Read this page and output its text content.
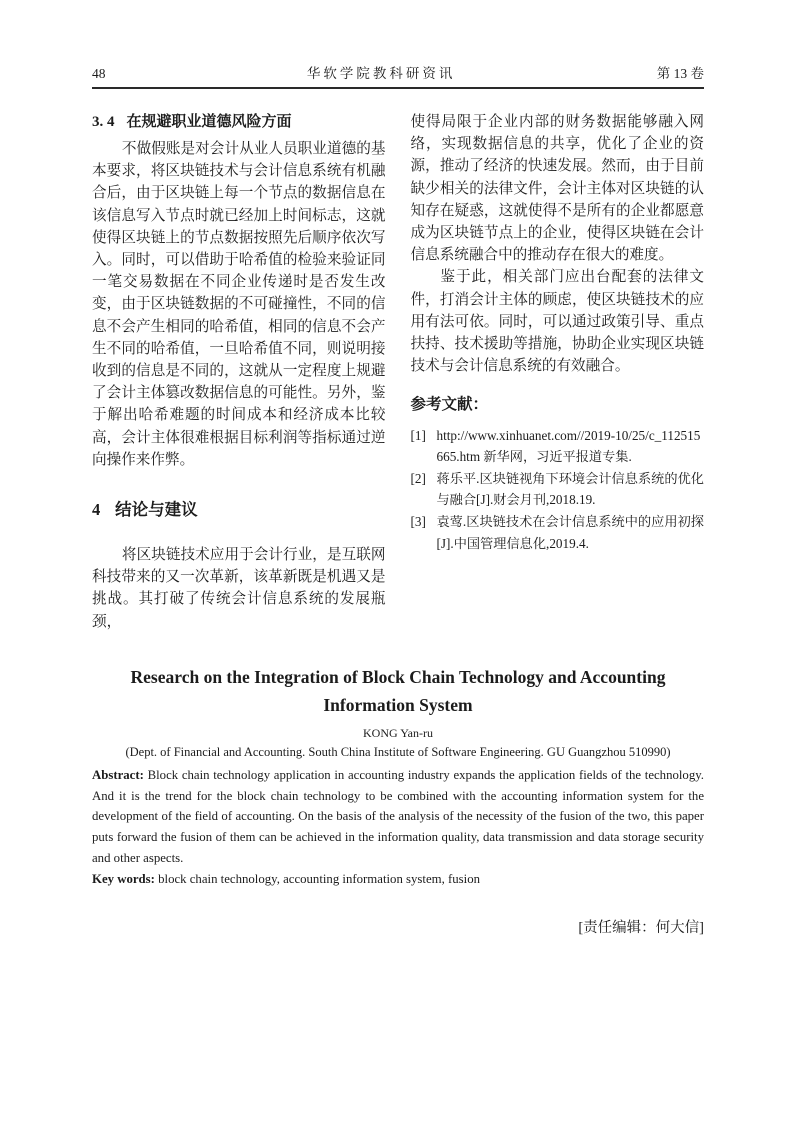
48	华软学院教科研资讯	第 13 卷
3. 4 在规避职业道德风险方面

不做假账是对会计从业人员职业道德的基本要求，将区块链技术与会计信息系统有机融合后，由于区块链上每一个节点的数据信息在该信息写入节点时就已经加上时间标志，这就使得区块链上的节点数据按照先后顺序依次写入。同时，可以借助于哈希值的检验来验证同一笔交易数据在不同企业传递时是否发生改变，由于区块链数据的不可碰撞性，不同的信息不会产生相同的哈希值，相同的信息不会产生不同的哈希值，一旦哈希值不同，则说明接收到的信息是不同的，这就从一定程度上规避了会计主体篡改数据信息的可能性。另外，鉴于解出哈希难题的时间成本和经济成本比较高，会计主体很难根据目标利润等指标通过逆向操作来作弊。

4 结论与建议

将区块链技术应用于会计行业，是互联网科技带来的又一次革新，该革新既是机遇又是挑战。其打破了传统会计信息系统的发展瓶颈，

使得局限于企业内部的财务数据能够融入网络，实现数据信息的共享，优化了企业的资源，推动了经济的快速发展。然而，由于目前缺少相关的法律文件，会计主体对区块链的认知存在疑惑，这就使得不是所有的企业都愿意成为区块链节点上的企业，使得区块链在会计信息系统融合中的推动存在很大的难度。

鉴于此，相关部门应出台配套的法律文件，打消会计主体的顾虑，使区块链技术的应用有法可依。同时，可以通过政策引导、重点扶持、技术援助等措施，协助企业实现区块链技术与会计信息系统的有效融合。

参考文献：
[1] http://www.xinhuanet.com//2019-10/25/c_112515665.htm 新华网，习近平报道专集.
[2] 蒋乐平.区块链视角下环境会计信息系统的优化与融合[J].财会月刊,2018.19.
[3] 袁莺.区块链技术在会计信息系统中的应用初探[J].中国管理信息化,2019.4.
Research on the Integration of Block Chain Technology and Accounting
Information System

KONG Yan-ru

(Dept. of Financial and Accounting. South China Institute of Software Engineering. GU Guangzhou 510990)

Abstract: Block chain technology application in accounting industry expands the application fields of the technology. And it is the trend for the block chain technology to be combined with the accounting information system for the development of the field of accounting. On the basis of the analysis of the necessity of the fusion of the two, this paper puts forward the fusion of them can be achieved in the information quality, data transmission and data storage security and other aspects.

Key words: block chain technology, accounting information system, fusion

[责任编辑：何大信]
